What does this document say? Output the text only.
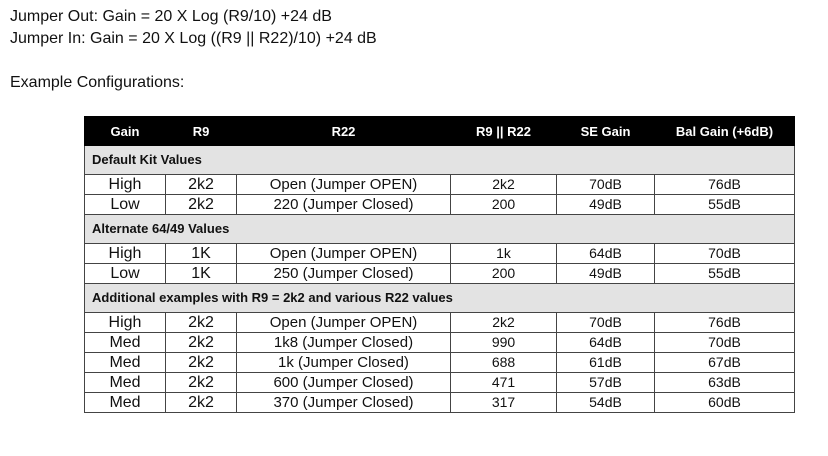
Jumper Out: Gain = 20 X Log (R9/10) +24 dB
Jumper In: Gain = 20 X Log ((R9 || R22)/10) +24 dB
Example Configurations:
Gain	R9	R22	R9 || R22	SE Gain	Bal Gain (+6dB)
Default Kit Values					
High	2k2	Open (Jumper OPEN)	2k2	70dB	76dB
Low	2k2	220 (Jumper Closed)	200	49dB	55dB
Alternate 64/49 Values					
High	1K	Open (Jumper OPEN)	1k	64dB	70dB
Low	1K	250 (Jumper Closed)	200	49dB	55dB
Additional examples with R9 = 2k2 and various R22 values					
High	2k2	Open (Jumper OPEN)	2k2	70dB	76dB
Med	2k2	1k8 (Jumper Closed)	990	64dB	70dB
Med	2k2	1k (Jumper Closed)	688	61dB	67dB
Med	2k2	600 (Jumper Closed)	471	57dB	63dB
Med	2k2	370 (Jumper Closed)	317	54dB	60dB
